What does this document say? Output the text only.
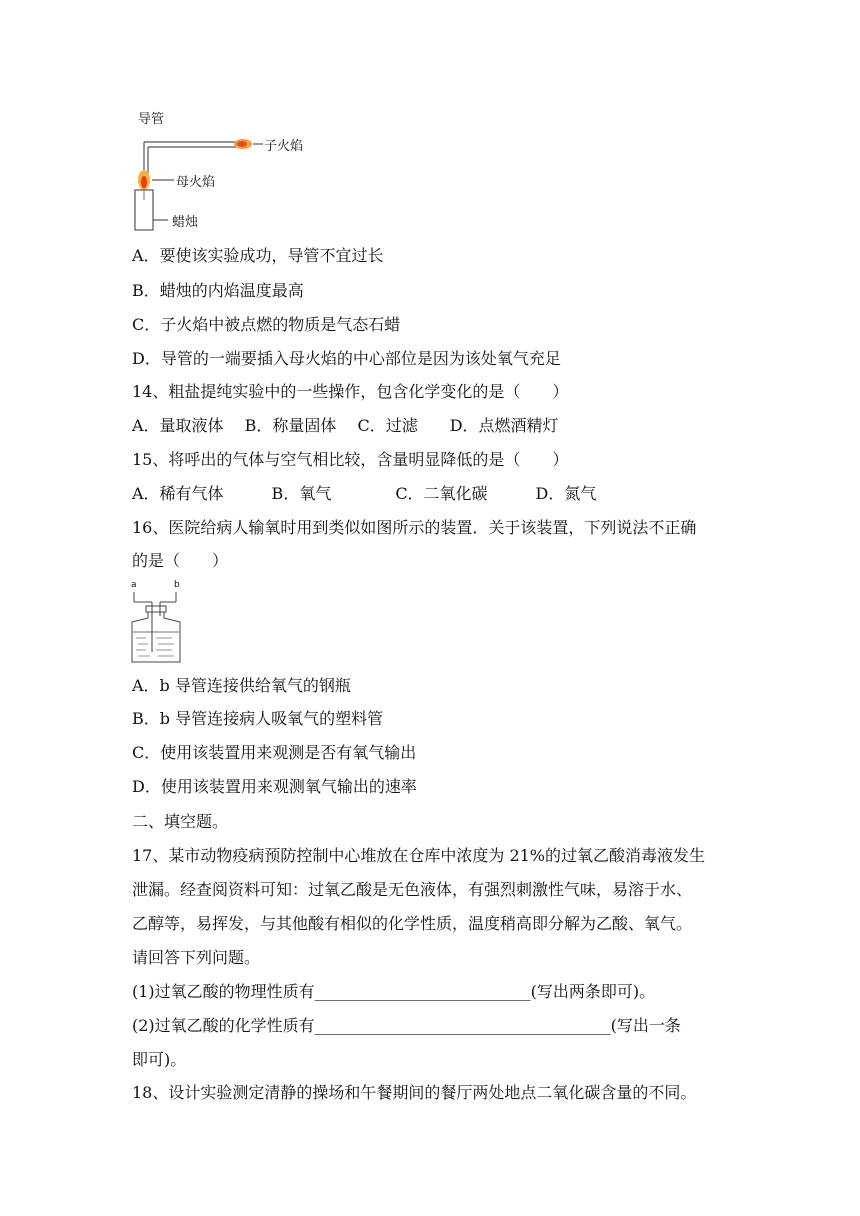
导管
子火焰
母火焰
蜡烛
A．要使该实验成功，导管不宜过长
B．蜡烛的内焰温度最高
C．子火焰中被点燃的物质是气态石蜡
D．导管的一端要插入母火焰的中心部位是因为该处氧气充足
14、粗盐提纯实验中的一些操作，包含化学变化的是（　　）
A．量取液体　 B．称量固体　 C．过滤　　D．点燃酒精灯
15、将呼出的气体与空气相比较，含量明显降低的是（　　）
A．稀有气体　　　B．氧气　　　　C．二氧化碳　　　D．氮气
16、医院给病人输氧时用到类似如图所示的装置．关于该装置，下列说法不正确
的是（　　）
a	b
A．b 导管连接供给氧气的钢瓶
B．b 导管连接病人吸氧气的塑料管
C．使用该装置用来观测是否有氧气输出
D．使用该装置用来观测氧气输出的速率
二、填空题。
17、某市动物疫病预防控制中心堆放在仓库中浓度为 21%的过氧乙酸消毒液发生
泄漏。经查阅资料可知：过氧乙酸是无色液体，有强烈刺激性气味，易溶于水、
乙醇等，易挥发，与其他酸有相似的化学性质，温度稍高即分解为乙酸、氧气。
请回答下列问题。
(1)过氧乙酸的物理性质有___________________________(写出两条即可)。
(2)过氧乙酸的化学性质有_____________________________________(写出一条
即可)。
18、设计实验测定清静的操场和午餐期间的餐厅两处地点二氧化碳含量的不同。
